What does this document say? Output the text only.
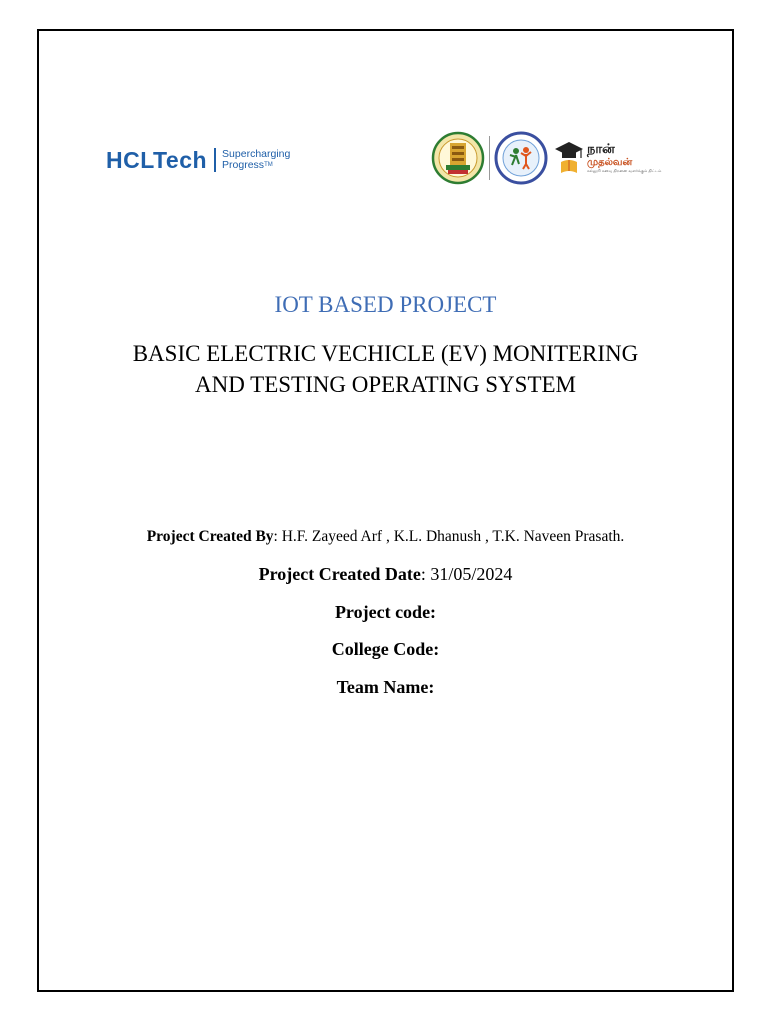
HCLTech Supercharging
Progress™
நான்
முதல்வன்
கல்லூரி கனவு திறனை வளர்க்கும் திட்டம்
IOT BASED PROJECT
BASIC ELECTRIC VECHICLE (EV) MONITERING
AND TESTING OPERATING SYSTEM
Project Created By: H.F. Zayeed Arf , K.L. Dhanush , T.K. Naveen Prasath.
Project Created Date: 31/05/2024
Project code:
College Code:
Team Name:
